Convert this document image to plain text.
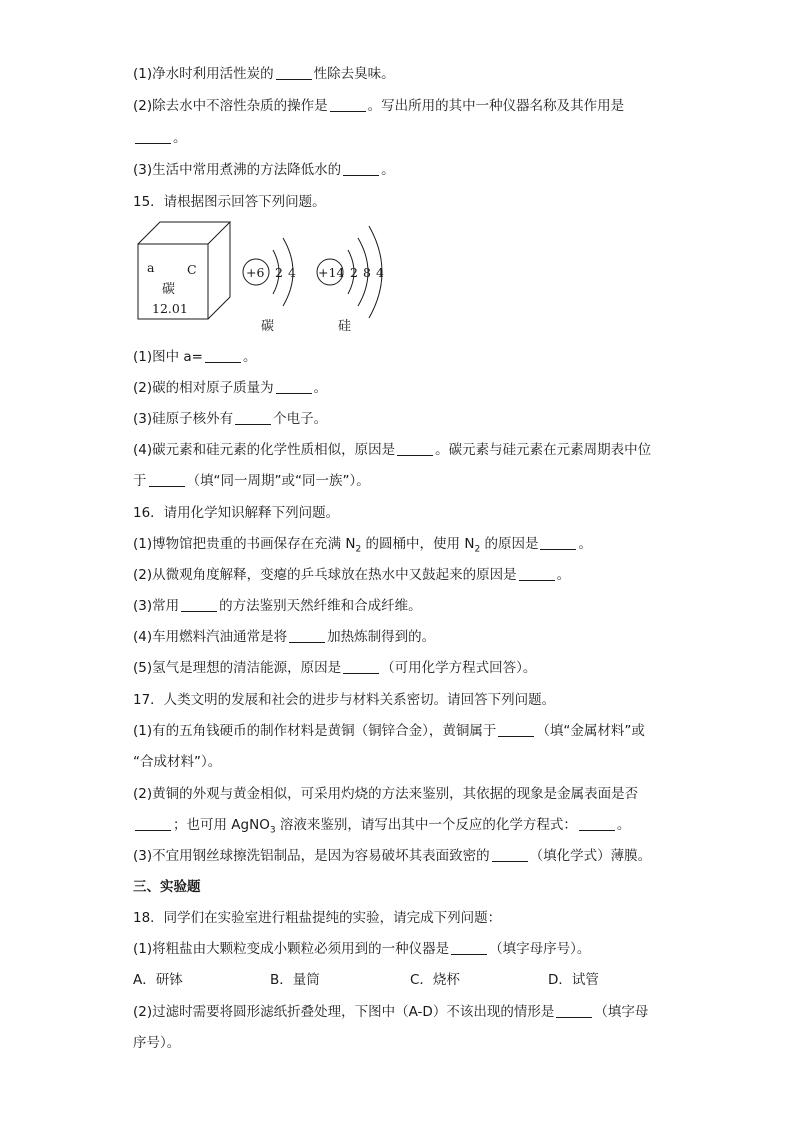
(1)净水时利用活性炭的	性除去臭味。
(2)除去水中不溶性杂质的操作是	。写出所用的其中一种仪器名称及其作用是
。
(3)生活中常用煮沸的方法降低水的	。
15．请根据图示回答下列问题。
a	C
碳
12.01
+6 2 4
碳
+14 2 8 4
硅
(1)图中 a=	。
(2)碳的相对原子质量为	。
(3)硅原子核外有	个电子。
(4)碳元素和硅元素的化学性质相似，原因是	。碳元素与硅元素在元素周期表中位
于	（填“同一周期”或“同一族”）。
16．请用化学知识解释下列问题。
(1)博物馆把贵重的书画保存在充满 $N_2$ 的圆桶中，使用 $N_2$ 的原因是	。
(2)从微观角度解释，变瘪的乒乓球放在热水中又鼓起来的原因是	。
(3)常用	的方法鉴别天然纤维和合成纤维。
(4)车用燃料汽油通常是将	加热炼制得到的。
(5)氢气是理想的清洁能源，原因是	（可用化学方程式回答）。
17．人类文明的发展和社会的进步与材料关系密切。请回答下列问题。
(1)有的五角钱硬币的制作材料是黄铜（铜锌合金），黄铜属于	（填“金属材料”或
“合成材料”）。
(2)黄铜的外观与黄金相似，可采用灼烧的方法来鉴别，其依据的现象是金属表面是否
；也可用 AgNO$_3$ 溶液来鉴别，请写出其中一个反应的化学方程式：	。
(3)不宜用钢丝球擦洗铝制品，是因为容易破坏其表面致密的	（填化学式）薄膜。
三、实验题
18．同学们在实验室进行粗盐提纯的实验，请完成下列问题：
(1)将粗盐由大颗粒变成小颗粒必须用到的一种仪器是	（填字母序号）。
A．研钵	B．量筒	C．烧杯	D．试管
(2)过滤时需要将圆形滤纸折叠处理，下图中（A-D）不该出现的情形是	（填字母
序号）。
